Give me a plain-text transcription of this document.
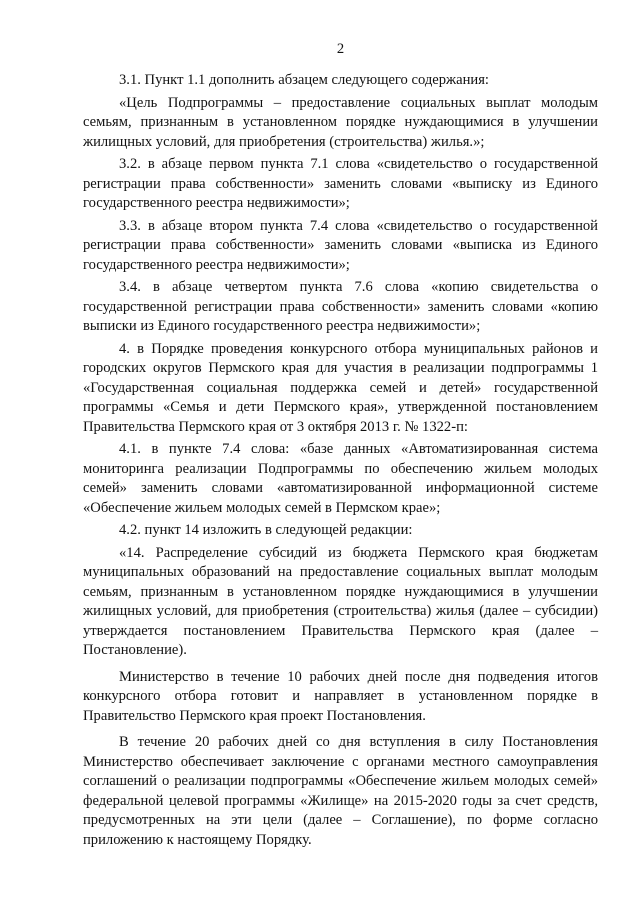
2

3.1. Пункт 1.1 дополнить абзацем следующего содержания:

«Цель Подпрограммы – предоставление социальных выплат молодым семьям, признанным в установленном порядке нуждающимися в улучшении жилищных условий, для приобретения (строительства) жилья.»;

3.2. в абзаце первом пункта 7.1 слова «свидетельство о государственной регистрации права собственности» заменить словами «выписку из Единого государственного реестра недвижимости»;

3.3. в абзаце втором пункта 7.4 слова «свидетельство о государственной регистрации права собственности» заменить словами «выписка из Единого государственного реестра недвижимости»;

3.4. в абзаце четвертом пункта 7.6 слова «копию свидетельства о государственной регистрации права собственности» заменить словами «копию выписки из Единого государственного реестра недвижимости»;

4. в Порядке проведения конкурсного отбора муниципальных районов и городских округов Пермского края для участия в реализации подпрограммы 1 «Государственная социальная поддержка семей и детей» государственной программы «Семья и дети Пермского края», утвержденной постановлением Правительства Пермского края от 3 октября 2013 г. № 1322-п:

4.1. в пункте 7.4 слова: «базе данных «Автоматизированная система мониторинга реализации Подпрограммы по обеспечению жильем молодых семей» заменить словами «автоматизированной информационной системе «Обеспечение жильем молодых семей в Пермском крае»;

4.2. пункт 14 изложить в следующей редакции:

«14. Распределение субсидий из бюджета Пермского края бюджетам муниципальных образований на предоставление социальных выплат молодым семьям, признанным в установленном порядке нуждающимися в улучшении жилищных условий, для приобретения (строительства) жилья (далее – субсидии) утверждается постановлением Правительства Пермского края (далее – Постановление).

Министерство в течение 10 рабочих дней после дня подведения итогов конкурсного отбора готовит и направляет в установленном порядке в Правительство Пермского края проект Постановления.

В течение 20 рабочих дней со дня вступления в силу Постановления Министерство обеспечивает заключение с органами местного самоуправления соглашений о реализации подпрограммы «Обеспечение жильем молодых семей» федеральной целевой программы «Жилище» на 2015-2020 годы за счет средств, предусмотренных на эти цели (далее – Соглашение), по форме согласно приложению к настоящему Порядку.
